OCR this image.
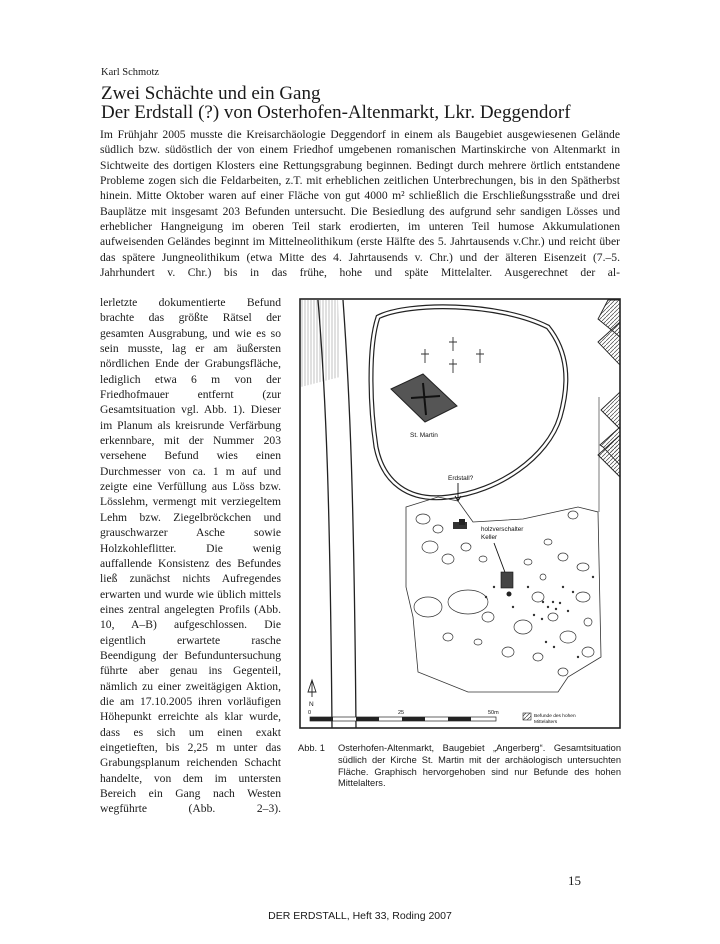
Karl Schmotz
Zwei Schächte und ein Gang
Der Erdstall (?) von Osterhofen-Altenmarkt, Lkr. Deggendorf
Im Frühjahr 2005 musste die Kreisarchäologie Deggendorf in einem als Baugebiet ausgewiesenen Gelände südlich bzw. südöstlich der von einem Friedhof umgebenen romanischen Martinskirche von Altenmarkt in Sichtweite des dortigen Klosters eine Rettungsgrabung beginnen. Bedingt durch mehrere örtlich entstandene Probleme zogen sich die Feldarbeiten, z.T. mit erheblichen zeitlichen Unterbrechungen, bis in den Spätherbst hinein. Mitte Oktober waren auf einer Fläche von gut 4000 m² schließlich die Erschließungsstraße und drei Bauplätze mit insgesamt 203 Befunden untersucht. Die Besiedlung des aufgrund sehr sandigen Lösses und erheblicher Hangneigung im oberen Teil stark erodierten, im unteren Teil humose Akkumulationen aufweisenden Geländes beginnt im Mittelneolithikum (erste Hälfte des 5. Jahrtausends v.Chr.) und reicht über das spätere Jungneolithikum (etwa Mitte des 4. Jahrtausends v. Chr.) und der älteren Eisenzeit (7.–5. Jahrhundert v. Chr.) bis in das frühe, hohe und späte Mittelalter. Ausgerechnet der al-
lerletzte dokumentierte Befund brachte das größte Rätsel der gesamten Ausgrabung, und wie es so sein musste, lag er am äußersten nördlichen Ende der Grabungsfläche, lediglich etwa 6 m von der Friedhofmauer entfernt (zur Gesamtsituation vgl. Abb. 1). Dieser im Planum als kreisrunde Verfärbung erkennbare, mit der Nummer 203 versehene Befund wies einen Durchmesser von ca. 1 m auf und zeigte eine Verfüllung aus Löss bzw. Lösslehm, vermengt mit verziegeltem Lehm bzw. Ziegelbröckchen und grauschwarzer Asche sowie Holzkohleflitter. Die wenig auffallende Konsistenz des Befundes ließ zunächst nichts Aufregendes erwarten und wurde wie üblich mittels eines zentral angelegten Profils (Abb. 10, A–B) aufgeschlossen. Die eigentlich erwartete rasche Beendigung der Befunduntersuchung führte aber genau ins Gegenteil, nämlich zu einer zweitägigen Aktion, die am 17.10.2005 ihren vorläufigen Höhepunkt erreichte als klar wurde, dass es sich um einen exakt eingetieften, bis 2,25 m unter das Grabungsplanum reichenden Schacht handelte, von dem im untersten Bereich ein Gang nach Westen wegführte (Abb. 2–3).
St. Martin
Erdstall?
holzverschalter
Keller
N
0	25	50m
Befunde des hohen
Mittelalters
Abb. 1 Osterhofen-Altenmarkt, Baugebiet „Angerberg“. Gesamtsituation südlich der Kirche St. Martin mit der archäologisch untersuchten Fläche. Graphisch hervorgehoben sind nur Befunde des hohen Mittelalters.
15
DER ERDSTALL, Heft 33, Roding 2007
